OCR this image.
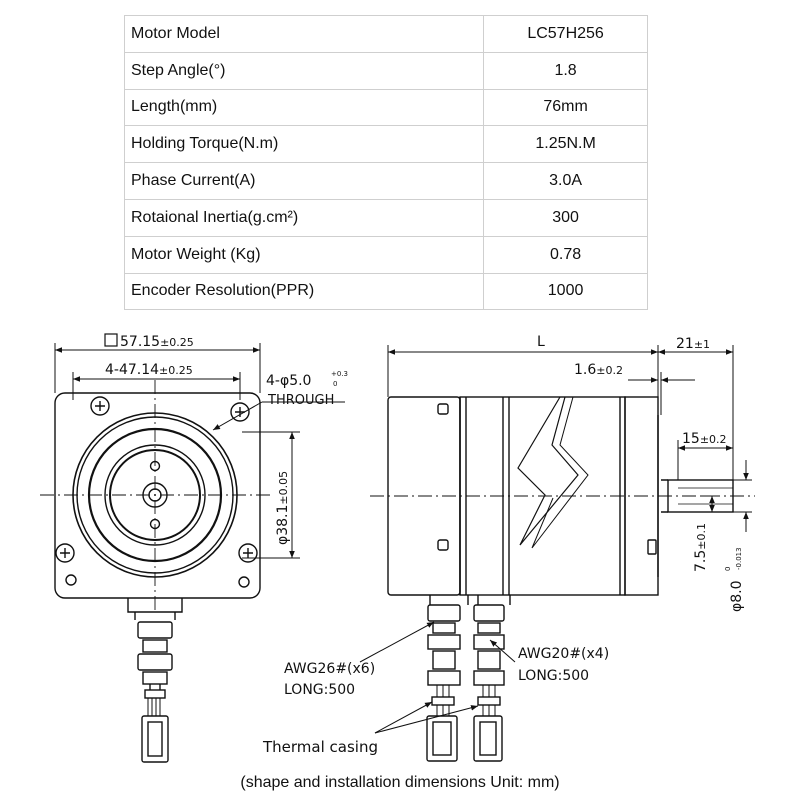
Motor Model	LC57H256
Step Angle(°)	1.8
Length(mm)	76mm
Holding Torque(N.m)	1.25N.M
Phase Current(A)	3.0A
Rotaional Inertia(g.cm²)	300
Motor Weight (Kg)	0.78
Encoder Resolution(PPR)	1000
57.15±0.25
4-47.14±0.25
4-φ5.0	+0.3
0
THROUGH
φ38.1±0.05
L	21±1
1.6±0.2
15±0.2
7.5±0.1
φ8.0
0 -0.013
AWG26#(x6)
LONG:500
AWG20#(x4)
LONG:500
Thermal casing
(shape and installation dimensions Unit: mm)
